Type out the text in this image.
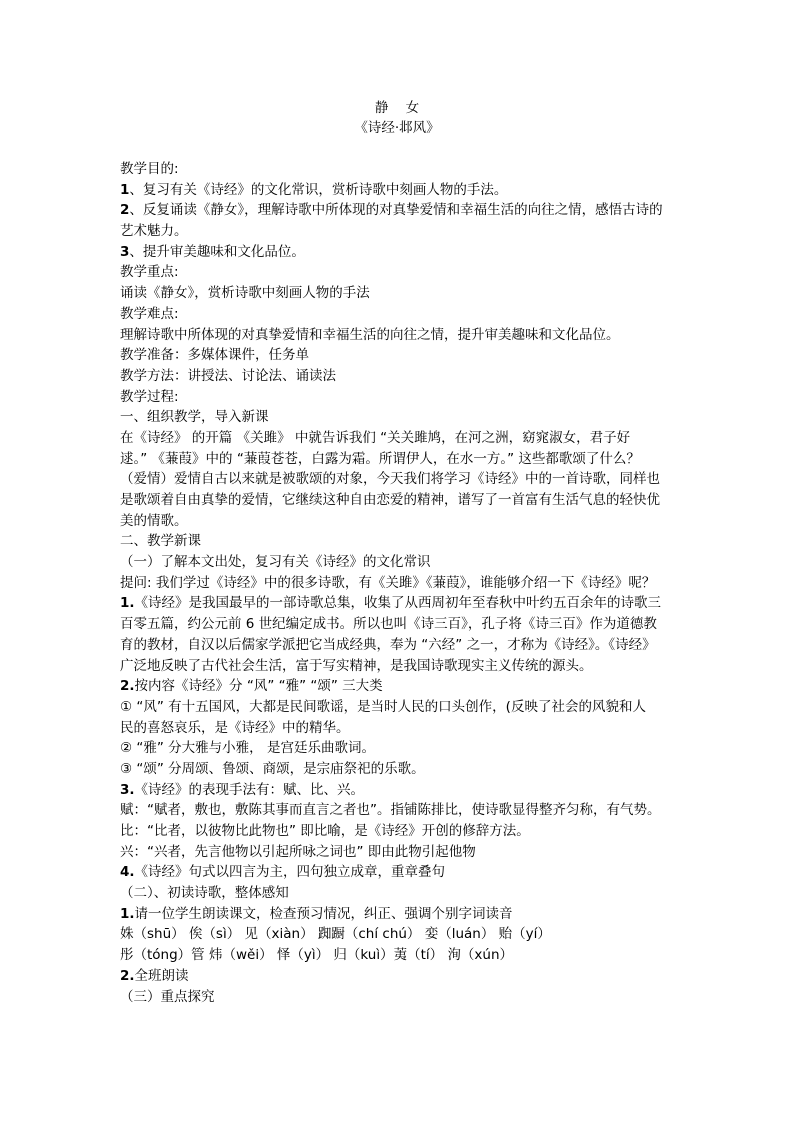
静    女
《诗经·邶风》
教学目的:
1、复习有关《诗经》的文化常识，赏析诗歌中刻画人物的手法。
2、反复诵读《静女》，理解诗歌中所体现的对真挚爱情和幸福生活的向往之情，感悟古诗的
艺术魅力。
3、提升审美趣味和文化品位。
教学重点:
诵读《静女》，赏析诗歌中刻画人物的手法
教学难点:
理解诗歌中所体现的对真挚爱情和幸福生活的向往之情，提升审美趣味和文化品位。
教学准备：多媒体课件，任务单
教学方法：讲授法、讨论法、诵读法
教学过程:
一、组织教学，导入新课
在《诗经》 的开篇 《关雎》 中就告诉我们 “关关雎鸠，在河之洲，窈窕淑女，君子好
逑。” 《蒹葭》中的 “蒹葭苍苍，白露为霜。所谓伊人，在水一方。” 这些都歌颂了什么？
（爱情）爱情自古以来就是被歌颂的对象，今天我们将学习《诗经》中的一首诗歌，同样也
是歌颂着自由真挚的爱情，它继续这种自由恋爱的精神，谱写了一首富有生活气息的轻快优
美的情歌。
二、教学新课
（一）了解本文出处，复习有关《诗经》的文化常识
提问: 我们学过《诗经》中的很多诗歌，有《关雎》《蒹葭》，谁能够介绍一下《诗经》呢？
1.《诗经》是我国最早的一部诗歌总集，收集了从西周初年至春秋中叶约五百余年的诗歌三
百零五篇，约公元前 6 世纪编定成书。所以也叫《诗三百》，孔子将《诗三百》作为道德教
育的教材，自汉以后儒家学派把它当成经典，奉为 “六经” 之一，才称为《诗经》。《诗经》
广泛地反映了古代社会生活，富于写实精神，是我国诗歌现实主义传统的源头。
2.按内容《诗经》分 “风” “雅” “颂” 三大类
① “风” 有十五国风，大都是民间歌谣，是当时人民的口头创作，(反映了社会的风貌和人
民的喜怒哀乐，是《诗经》中的精华。
② “雅” 分大雅与小雅， 是宫廷乐曲歌词。
③ “颂” 分周颂、鲁颂、商颂，是宗庙祭祀的乐歌。
3.《诗经》的表现手法有：赋、比、兴。
赋：“赋者，敷也，敷陈其事而直言之者也”。指铺陈排比，使诗歌显得整齐匀称，有气势。
比：“比者，以彼物比此物也” 即比喻，是《诗经》开创的修辞方法。
兴：“兴者，先言他物以引起所咏之词也” 即由此物引起他物
4.《诗经》句式以四言为主，四句独立成章，重章叠句
（二）、初读诗歌，整体感知
1.请一位学生朗读课文，检查预习情况，纠正、强调个别字词读音
姝（shū） 俟（sì） 见（xiàn） 踟蹰（chí chú） 娈（luán） 贻（yí）
彤（tóng）管 炜（wěi） 怿（yì） 归（kuì）荑（tí） 洵（xún）
2.全班朗读
（三）重点探究
